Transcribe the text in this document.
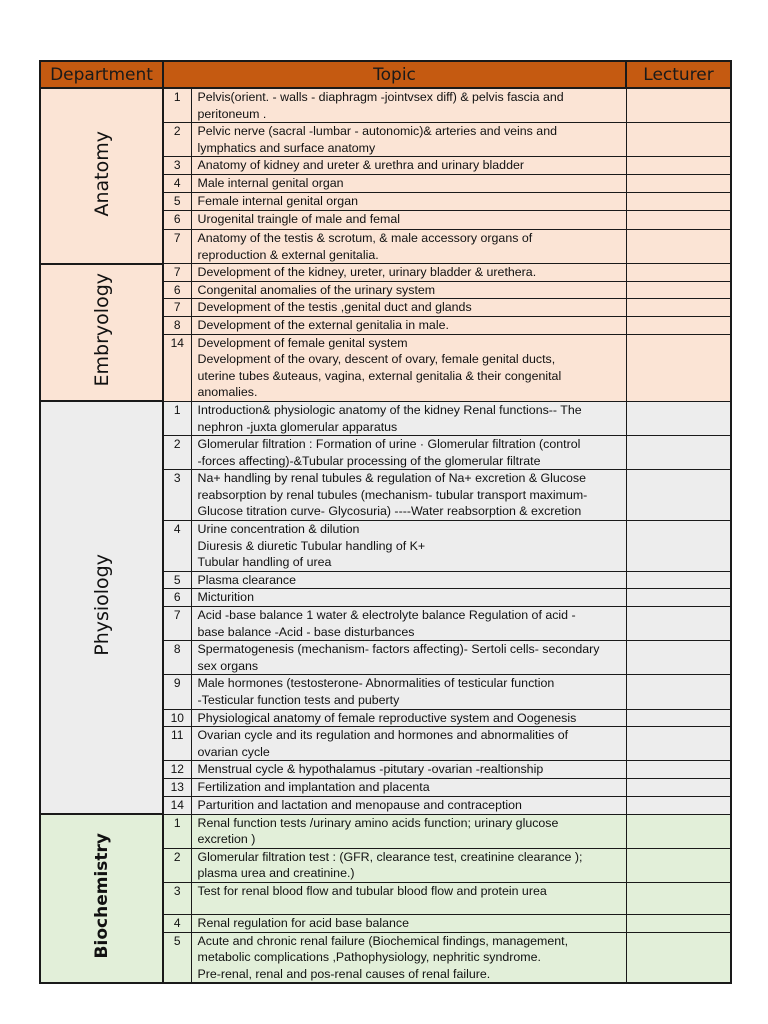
Department	Topic		Lecturer
Anatomy	1	Pelvis(orient. - walls - diaphragm -jointvsex diff) & pelvis fascia and
peritoneum .	
	2	Pelvic nerve (sacral -lumbar - autonomic)& arteries and veins and
lymphatics and surface anatomy	
	3	Anatomy of kidney and ureter & urethra and urinary bladder	
	4	Male internal genital organ	
	5	Female internal genital organ	
	6	Urogenital traingle of male and femal	
	7	Anatomy of the testis & scrotum, & male accessory organs of
reproduction & external genitalia.	
Embryology	7	Development of the kidney, ureter, urinary bladder & urethera.	
	6	Congenital anomalies of the urinary system	
	7	Development of the testis ,genital duct and glands	
	8	Development of the external genitalia in male.	
	14	Development of female genital system
Development of the ovary, descent of ovary, female genital ducts,
uterine tubes &uteaus, vagina, external genitalia & their congenital
anomalies.	
Physiology	1	Introduction& physiologic anatomy of the kidney Renal functions-- The
nephron -juxta glomerular apparatus	
	2	Glomerular filtration : Formation of urine · Glomerular filtration (control
-forces affecting)-&Tubular processing of the glomerular filtrate	
	3	Na+ handling by renal tubules & regulation of Na+ excretion & Glucose
reabsorption by renal tubules (mechanism- tubular transport maximum-
Glucose titration curve- Glycosuria) ----Water reabsorption & excretion	
	4	Urine concentration & dilution
Diuresis & diuretic Tubular handling of K+
Tubular handling of urea	
	5	Plasma clearance	
	6	Micturition	
	7	Acid -base balance 1 water & electrolyte balance Regulation of acid -
base balance -Acid - base disturbances	
	8	Spermatogenesis (mechanism- factors affecting)- Sertoli cells- secondary
sex organs	
	9	Male hormones (testosterone- Abnormalities of testicular function
-Testicular function tests and puberty	
	10	Physiological anatomy of female reproductive system and Oogenesis	
	11	Ovarian cycle and its regulation and hormones and abnormalities of
ovarian cycle	
	12	Menstrual cycle & hypothalamus -pitutary -ovarian -realtionship	
	13	Fertilization and implantation and placenta	
	14	Parturition and lactation and menopause and contraception	
Biochemistry	1	Renal function tests /urinary amino acids function; urinary glucose
excretion )	
	2	Glomerular filtration test : (GFR, clearance test, creatinine clearance );
plasma urea and creatinine.)	
	3	Test for renal blood flow and tubular blood flow and protein urea	
	4	Renal regulation for acid base balance	
	5	Acute and chronic renal failure (Biochemical findings, management,
metabolic complications ,Pathophysiology, nephritic syndrome.
Pre-renal, renal and pos-renal causes of renal failure.	
